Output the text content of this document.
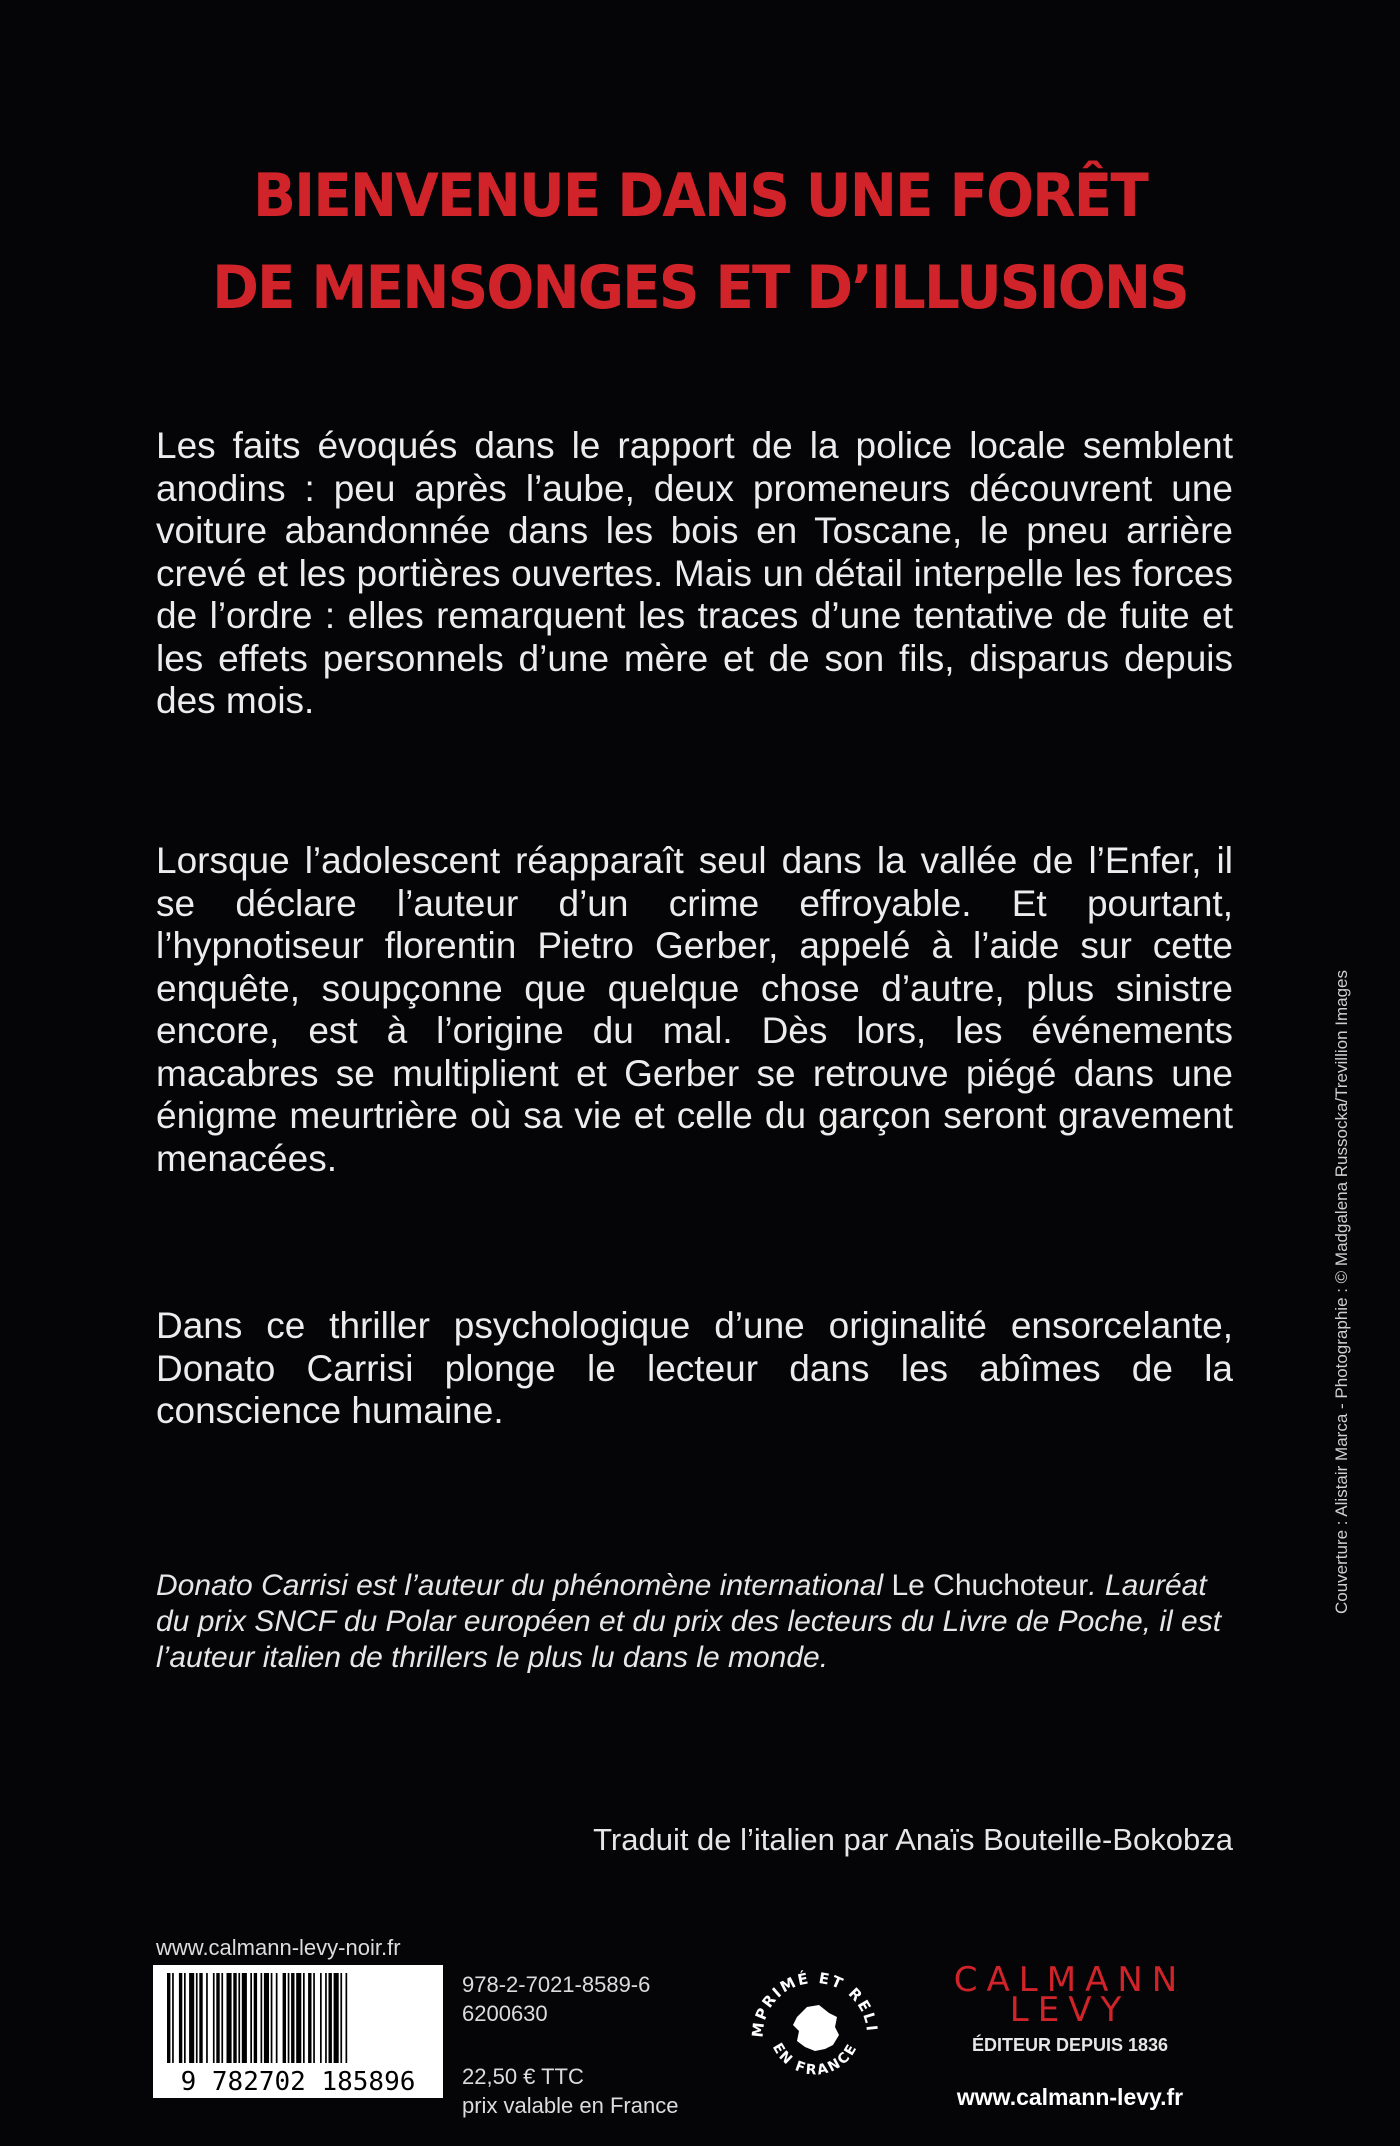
BIENVENUE DANS UNE FORÊT
DE MENSONGES ET D’ILLUSIONS

Les faits évoqués dans le rapport de la police locale semblent anodins : peu après l’aube, deux promeneurs découvrent une voiture abandonnée dans les bois en Toscane, le pneu arrière crevé et les portières ouvertes. Mais un détail interpelle les forces de l’ordre : elles remarquent les traces d’une tentative de fuite et les effets personnels d’une mère et de son fils, disparus depuis des mois.

Lorsque l’adolescent réapparaît seul dans la vallée de l’Enfer, il se déclare l’auteur d’un crime effroyable. Et pourtant, l’hypnotiseur florentin Pietro Gerber, appelé à l’aide sur cette enquête, soupçonne que quelque chose d’autre, plus sinistre encore, est à l’origine du mal. Dès lors, les événements macabres se multiplient et Gerber se retrouve piégé dans une énigme meurtrière où sa vie et celle du garçon seront gravement menacées.

Dans ce thriller psychologique d’une originalité ensorcelante, Donato Carrisi plonge le lecteur dans les abîmes de la conscience humaine.

Donato Carrisi est l’auteur du phénomène international Le Chuchoteur. Lauréat du prix SNCF du Polar européen et du prix des lecteurs du Livre de Poche, il est l’auteur italien de thrillers le plus lu dans le monde.

Traduit de l’italien par Anaïs Bouteille-Bokobza
www.calmann-levy-noir.fr
9 782702 185896
978-2-7021-8589-6
6200630
22,50 € TTC
prix valable en France
MPRIMÉ ET RELI
EN FRANCE
CALMANN
LEVY
ÉDITEUR DEPUIS 1836
www.calmann-levy.fr
Couverture : Alistair Marca - Photographie : © Madgalena Russocka/Trevillion Images
